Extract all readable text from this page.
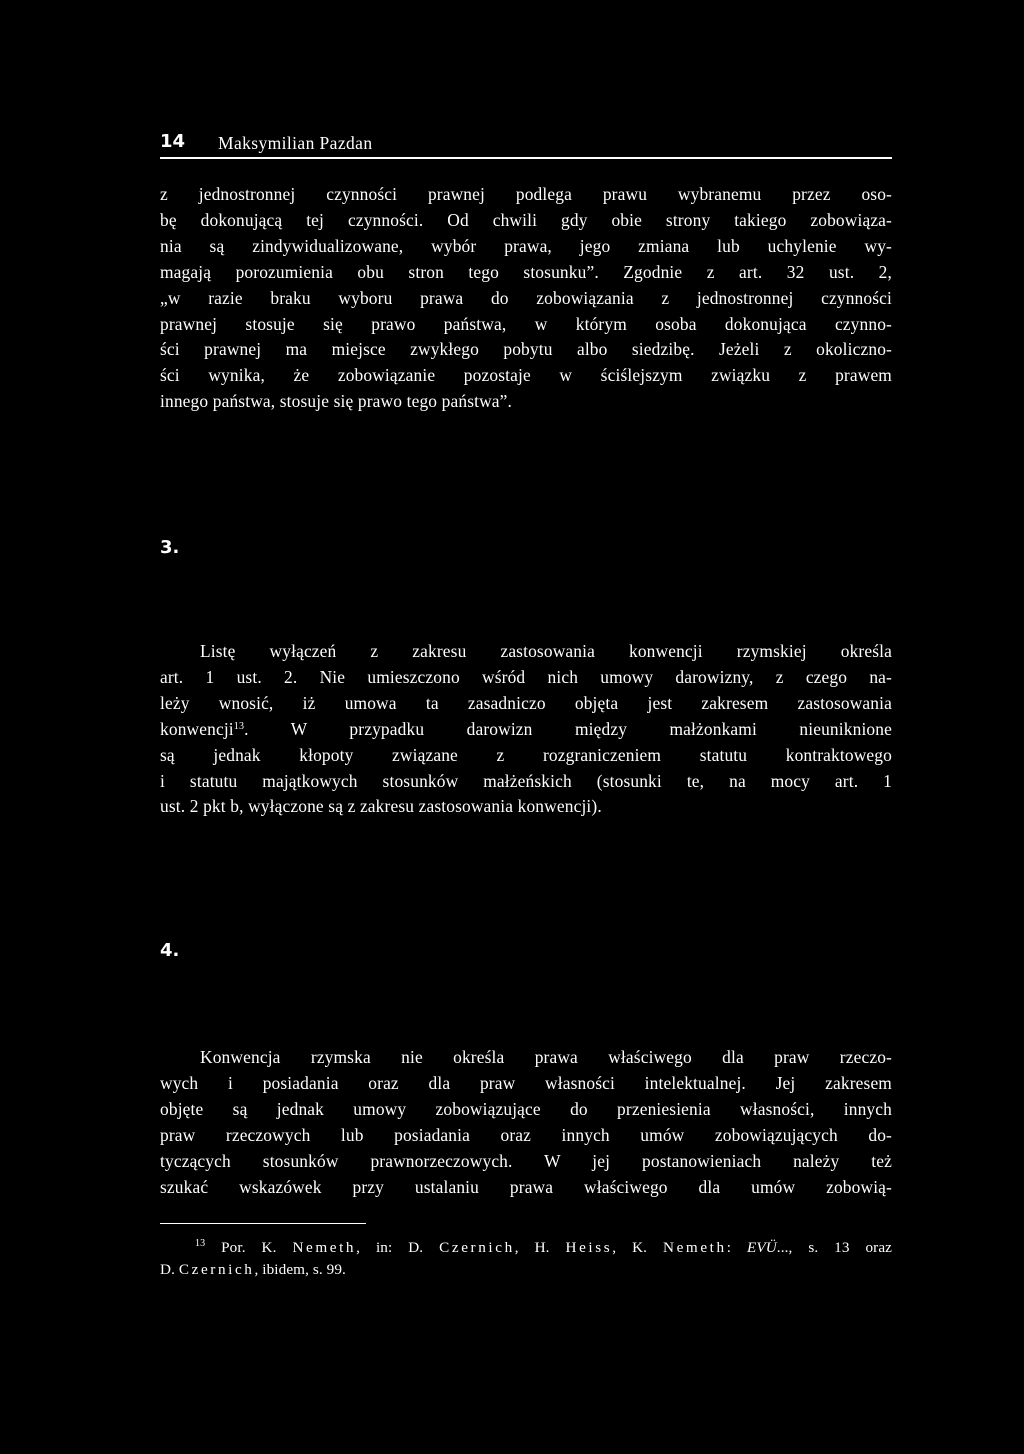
14 Maksymilian Pazdan
z jednostronnej czynności prawnej podlega prawu wybranemu przez oso-
bę dokonującą tej czynności. Od chwili gdy obie strony takiego zobowiąza-
nia są zindywidualizowane, wybór prawa, jego zmiana lub uchylenie wy-
magają porozumienia obu stron tego stosunku”. Zgodnie z art. 32 ust. 2,
„w razie braku wyboru prawa do zobowiązania z jednostronnej czynności
prawnej stosuje się prawo państwa, w którym osoba dokonująca czynno-
ści prawnej ma miejsce zwykłego pobytu albo siedzibę. Jeżeli z okoliczno-
ści wynika, że zobowiązanie pozostaje w ściślejszym związku z prawem
innego państwa, stosuje się prawo tego państwa”.
3.
Listę wyłączeń z zakresu zastosowania konwencji rzymskiej określa
art. 1 ust. 2. Nie umieszczono wśród nich umowy darowizny, z czego na-
leży wnosić, iż umowa ta zasadniczo objęta jest zakresem zastosowania
konwencji$^{13}$. W przypadku darowizn między małżonkami nieuniknione
są jednak kłopoty związane z rozgraniczeniem statutu kontraktowego
i statutu majątkowych stosunków małżeńskich (stosunki te, na mocy art. 1
ust. 2 pkt b, wyłączone są z zakresu zastosowania konwencji).
4.
Konwencja rzymska nie określa prawa właściwego dla praw rzeczo-
wych i posiadania oraz dla praw własności intelektualnej. Jej zakresem
objęte są jednak umowy zobowiązujące do przeniesienia własności, innych
praw rzeczowych lub posiadania oraz innych umów zobowiązujących do-
tyczących stosunków prawnorzeczowych. W jej postanowieniach należy też
szukać wskazówek przy ustalaniu prawa właściwego dla umów zobowią-
$^{13}$ Por. K. Nemeth, in: D. Czernich, H. Heiss, K. Nemeth: EVÜ..., s. 13 oraz
D. Czernich, ibidem, s. 99.
